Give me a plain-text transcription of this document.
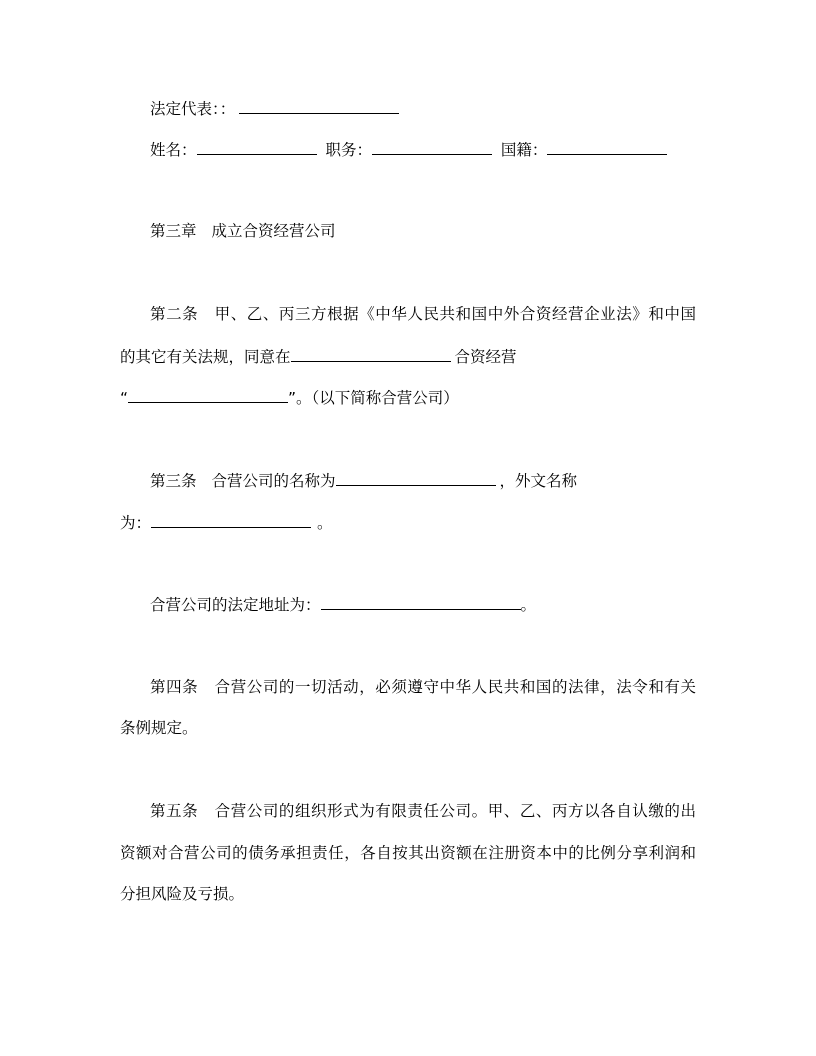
法定代表：：
姓名：	职务：	国籍：
第三章 成立合资经营公司
第二条 甲、乙、丙三方根据《中华人民共和国中外合资经营企业法》和中国
的其它有关法规，同意在	合资经营
“	”。（以下简称合营公司）
第三条 合营公司的名称为	，外文名称
为：	。
合营公司的法定地址为：	。
第四条 合营公司的一切活动，必须遵守中华人民共和国的法律，法令和有关
条例规定。
第五条 合营公司的组织形式为有限责任公司。甲、乙、丙方以各自认缴的出
资额对合营公司的债务承担责任，各自按其出资额在注册资本中的比例分享利润和
分担风险及亏损。
